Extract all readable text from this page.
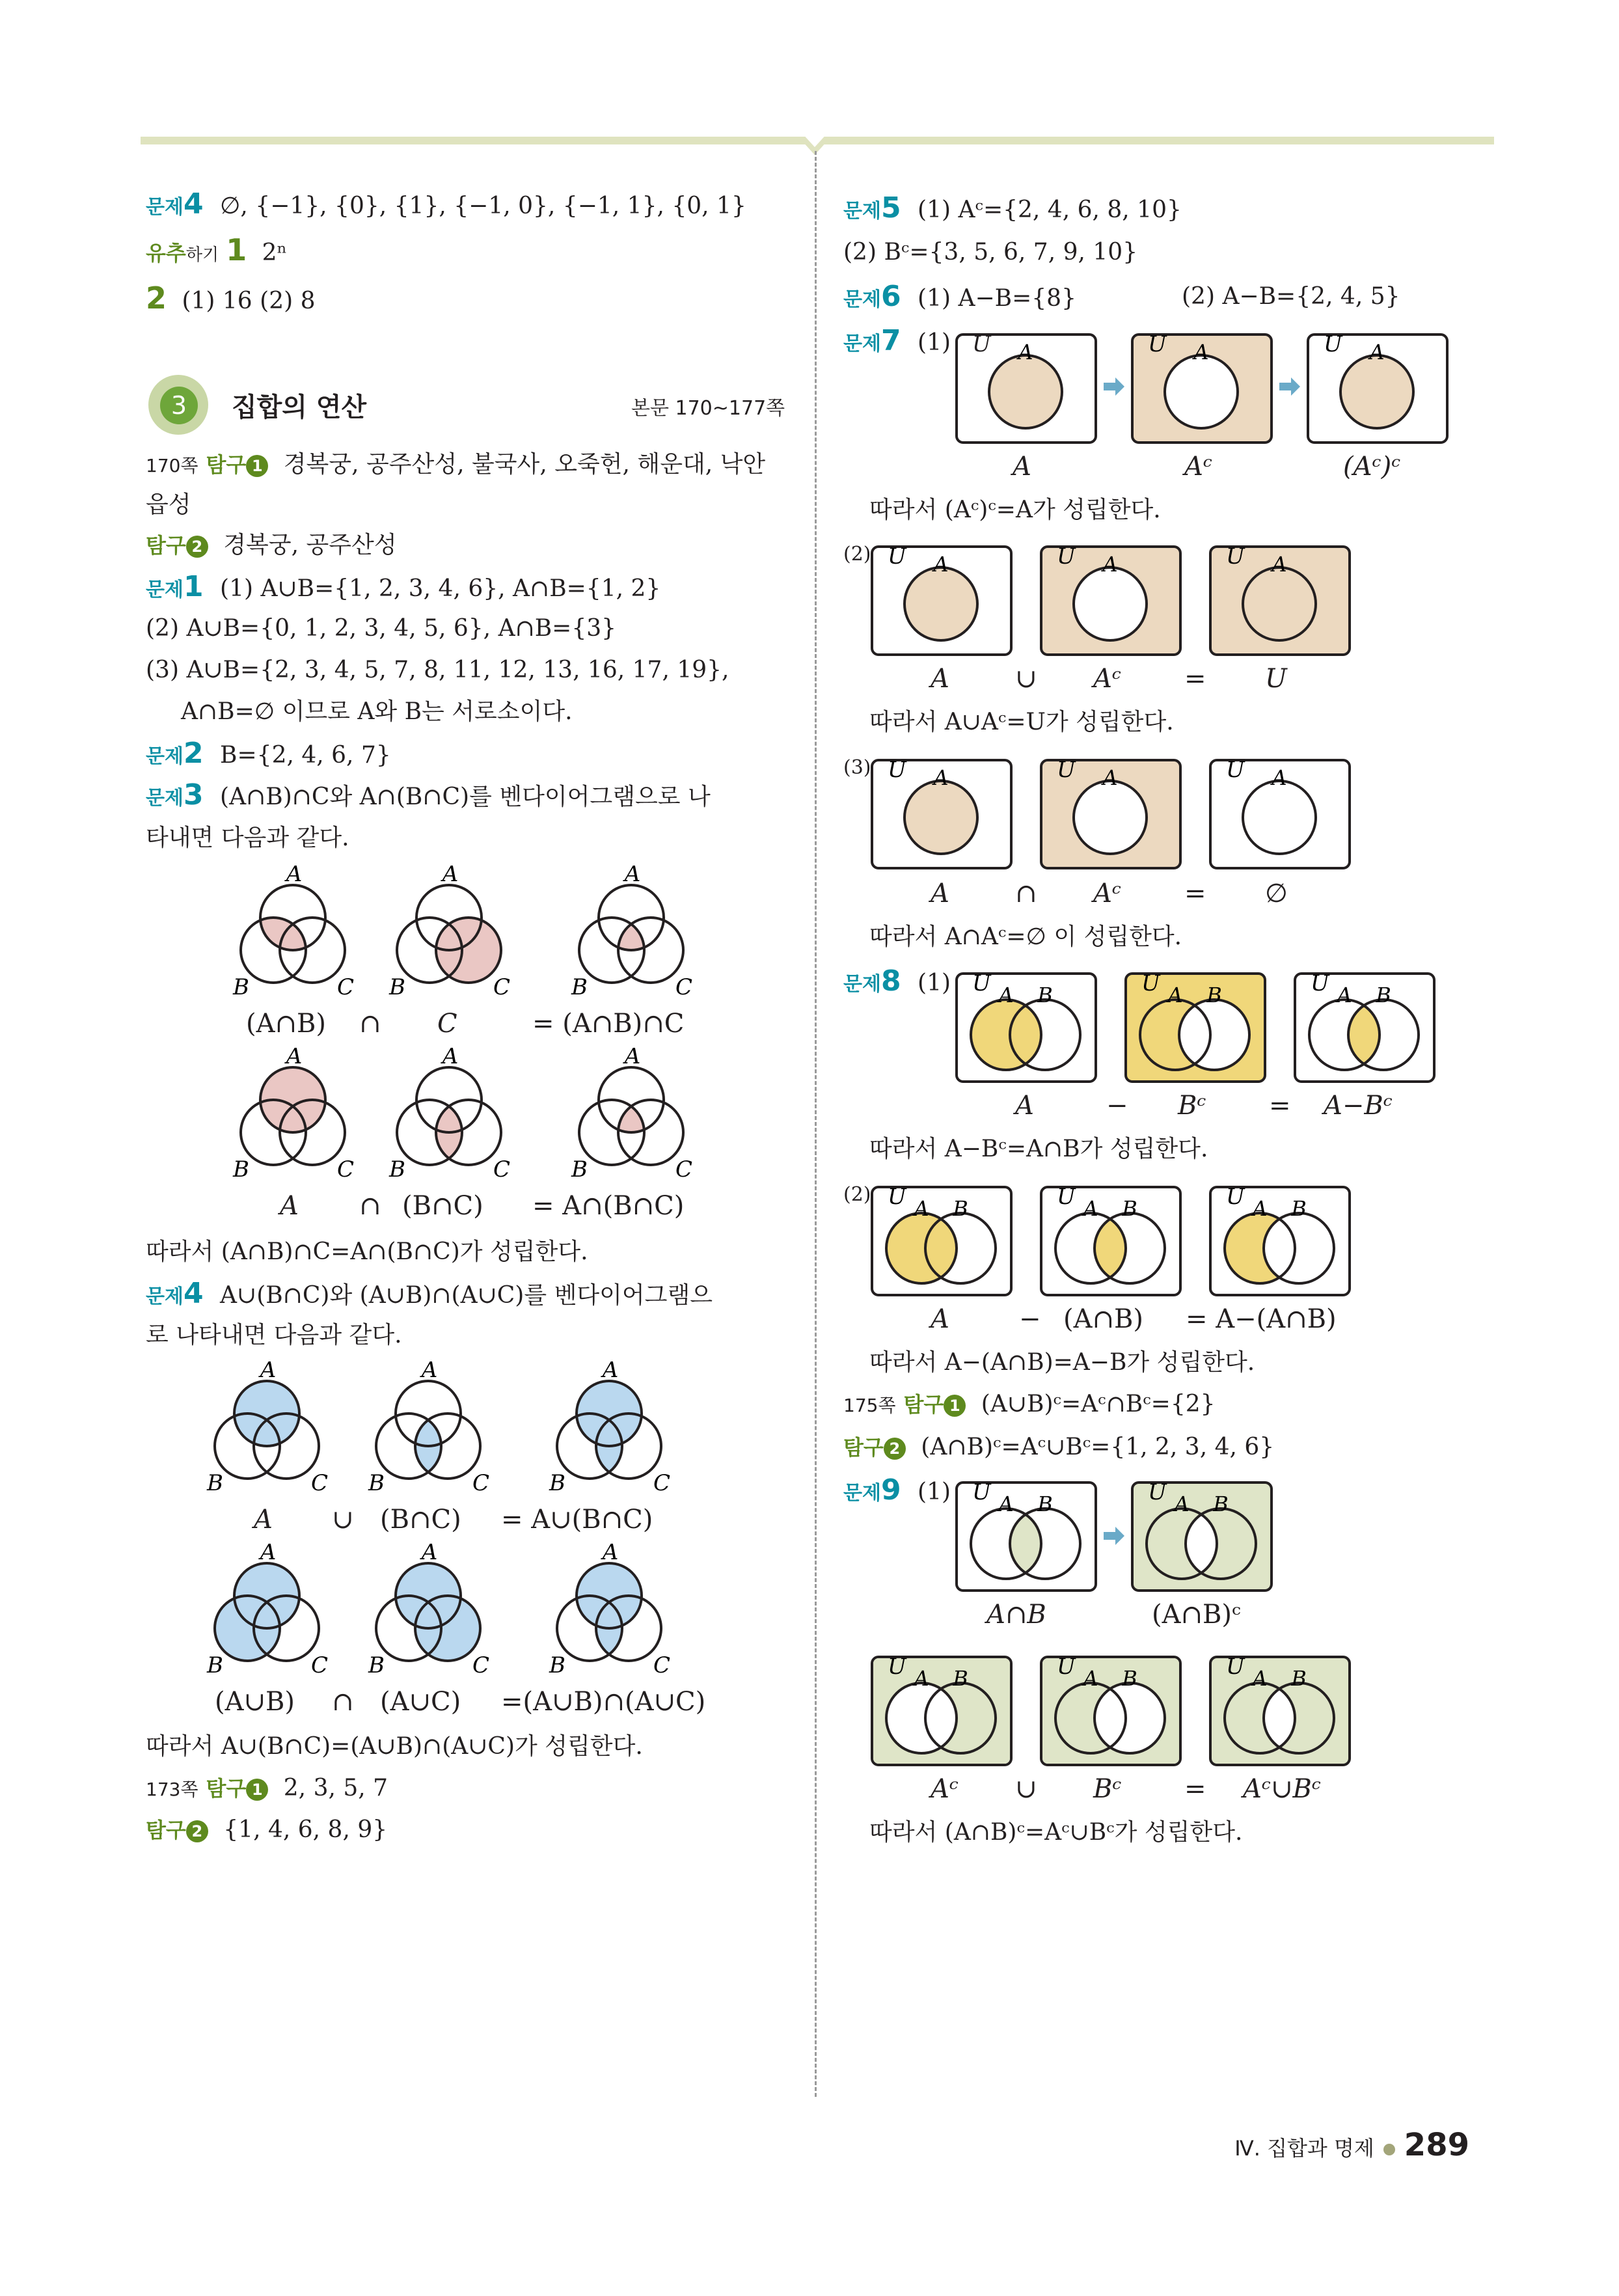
문제4 ∅, {−1}, {0}, {1}, {−1, 0}, {−1, 1}, {0, 1}
유추하기 1 2ⁿ
2 (1) 16 (2) 8
3	집합의 연산	본문 170~177쪽
170쪽 탐구 1 경복궁, 공주산성, 불국사, 오죽헌, 해운대, 낙안
읍성
탐구 2 경복궁, 공주산성
문제1 (1) A∪B={1, 2, 3, 4, 6}, A∩B={1, 2}
(2) A∪B={0, 1, 2, 3, 4, 5, 6}, A∩B={3}
(3) A∪B={2, 3, 4, 5, 7, 8, 11, 12, 13, 16, 17, 19},
A∩B=∅ 이므로 A와 B는 서로소이다.
문제2 B={2, 4, 6, 7}
문제3 (A∩B)∩C와 A∩(B∩C)를 벤다이어그램으로 나
타내면 다음과 같다.
A
B	C
A
B	C
A
B	C
(A∩B) ∩ C	= (A∩B)∩C
A
B	C
A
B	C
A
B	C
A ∩ (B∩C) = A∩(B∩C)
따라서 (A∩B)∩C=A∩(B∩C)가 성립한다.
문제4 A∪(B∩C)와 (A∪B)∩(A∪C)를 벤다이어그램으
로 나타내면 다음과 같다.
A
B	C
A
B	C
A
B	C
A ∪ (B∩C) = A∪(B∩C)
A
B	C
A
B	C
A
B	C
(A∪B) ∩ (A∪C) =(A∪B)∩(A∪C)
따라서 A∪(B∩C)=(A∪B)∩(A∪C)가 성립한다.
173쪽 탐구 1 2, 3, 5, 7
탐구 2 {1, 4, 6, 8, 9}
문제5 (1) Aᶜ={2, 4, 6, 8, 10}
(2) Bᶜ={3, 5, 6, 7, 9, 10}
문제6 (1) A−B={8}	(2) A−B={2, 4, 5}
문제7 (1) U A	U A	U A
A	Aᶜ	(Aᶜ)ᶜ
따라서 (Aᶜ)ᶜ=A가 성립한다.
(2) U A	U A	U A
A	∪ Aᶜ = U
따라서 A∪Aᶜ=U가 성립한다.
(3) U A	U A	U A
A	∩ Aᶜ = ∅
따라서 A∩Aᶜ=∅ 이 성립한다.
문제8 (1) U A B	U A B	U A B
A	− Bᶜ = A−Bᶜ
따라서 A−Bᶜ=A∩B가 성립한다.
(2) U A B	U A B	U A B
A	− (A∩B) = A−(A∩B)
따라서 A−(A∩B)=A−B가 성립한다.
175쪽 탐구 1 (A∪B)ᶜ=Aᶜ∩Bᶜ={2}
탐구 2 (A∩B)ᶜ=Aᶜ∪Bᶜ={1, 2, 3, 4, 6}
문제9 (1) U A B	U A B
A∩B	(A∩B)ᶜ
U A B	U A B	U A B
Aᶜ ∪ Bᶜ = Aᶜ∪Bᶜ
따라서 (A∩B)ᶜ=Aᶜ∪Bᶜ가 성립한다.
Ⅳ. 집합과 명제 289
